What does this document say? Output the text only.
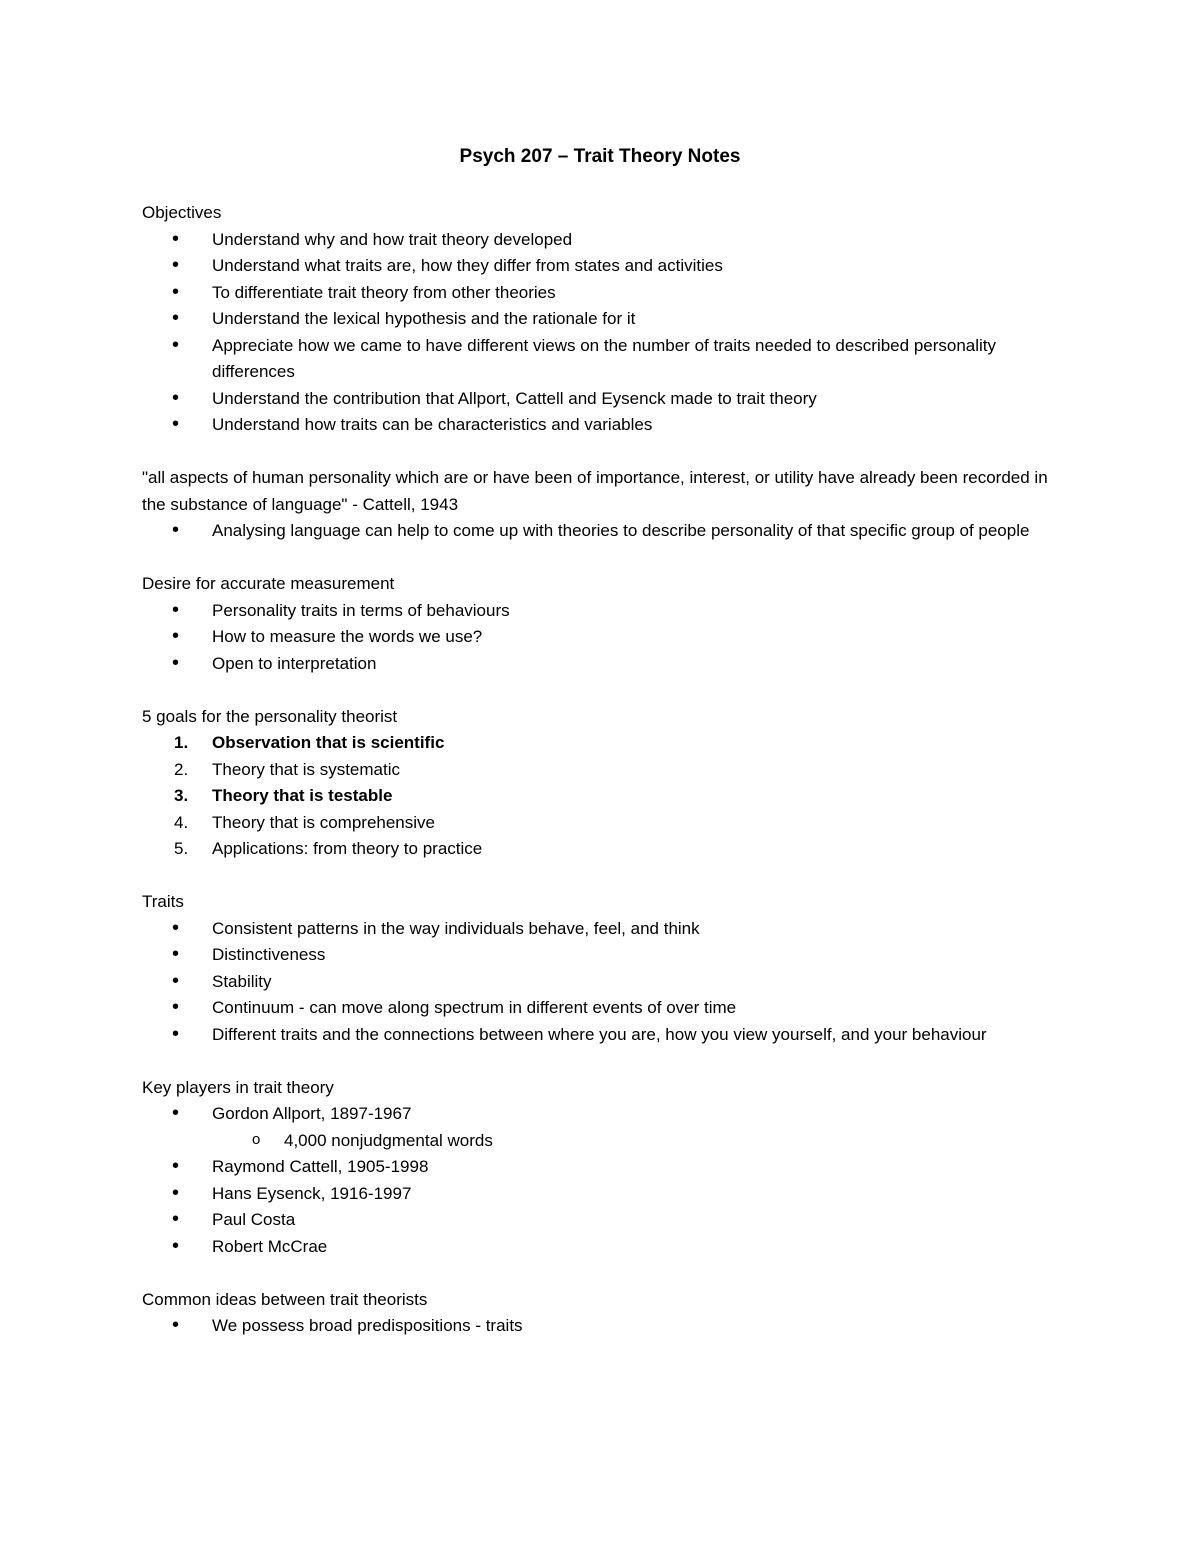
Psych 207 – Trait Theory Notes

Objectives

• Understand why and how trait theory developed
• Understand what traits are, how they differ from states and activities
• To differentiate trait theory from other theories
• Understand the lexical hypothesis and the rationale for it
• Appreciate how we came to have different views on the number of traits needed to described personality differences
• Understand the contribution that Allport, Cattell and Eysenck made to trait theory
• Understand how traits can be characteristics and variables

"all aspects of human personality which are or have been of importance, interest, or utility have already been recorded in the substance of language" - Cattell, 1943

• Analysing language can help to come up with theories to describe personality of that specific group of people

Desire for accurate measurement

• Personality traits in terms of behaviours
• How to measure the words we use?
• Open to interpretation

5 goals for the personality theorist

1. Observation that is scientific
2. Theory that is systematic
3. Theory that is testable
4. Theory that is comprehensive
5. Applications: from theory to practice

Traits

• Consistent patterns in the way individuals behave, feel, and think
• Distinctiveness
• Stability
• Continuum - can move along spectrum in different events of over time
• Different traits and the connections between where you are, how you view yourself, and your behaviour

Key players in trait theory

• Gordon Allport, 1897-1967
o 4,000 nonjudgmental words
• Raymond Cattell, 1905-1998
• Hans Eysenck, 1916-1997
• Paul Costa
• Robert McCrae

Common ideas between trait theorists

• We possess broad predispositions - traits
